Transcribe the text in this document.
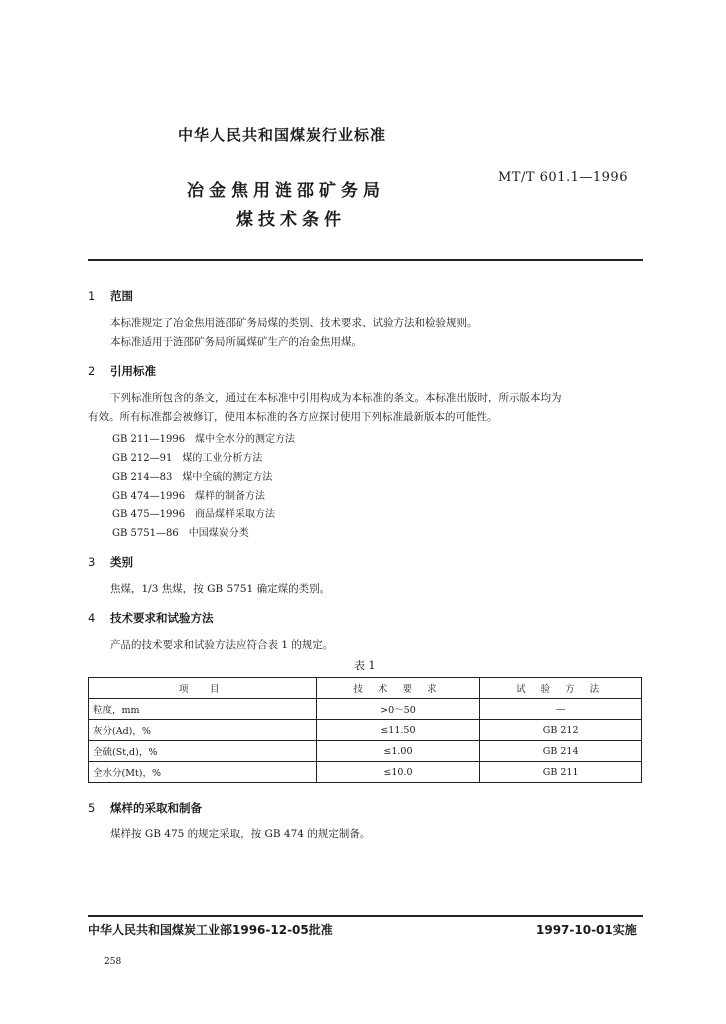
中华人民共和国煤炭行业标准
冶金焦用涟邵矿务局
煤技术条件
MT/T 601.1—1996
1 范围
本标准规定了冶金焦用涟邵矿务局煤的类别、技术要求、试验方法和检验规则。
本标准适用于涟邵矿务局所属煤矿生产的冶金焦用煤。
2 引用标准
下列标准所包含的条文，通过在本标准中引用构成为本标准的条文。本标准出版时，所示版本均为
有效。所有标准都会被修订，使用本标准的各方应探讨使用下列标准最新版本的可能性。
GB 211—1996　煤中全水分的测定方法
GB 212—91　煤的工业分析方法
GB 214—83　煤中全硫的测定方法
GB 474—1996　煤样的制备方法
GB 475—1996　商品煤样采取方法
GB 5751—86　中国煤炭分类
3 类别
焦煤，1/3 焦煤，按 GB 5751 确定煤的类别。
4 技术要求和试验方法
产品的技术要求和试验方法应符合表 1 的规定。
表 1
项　目	技 术 要 求	试 验 方 法
粒度，mm	>0～50	—
灰分(Ad)，%	≤11.50	GB 212
全硫(St,d)，%	≤1.00	GB 214
全水分(Mt)，%	≤10.0	GB 211
5 煤样的采取和制备
煤样按 GB 475 的规定采取，按 GB 474 的规定制备。
中华人民共和国煤炭工业部1996-12-05批准	1997-10-01实施
258
